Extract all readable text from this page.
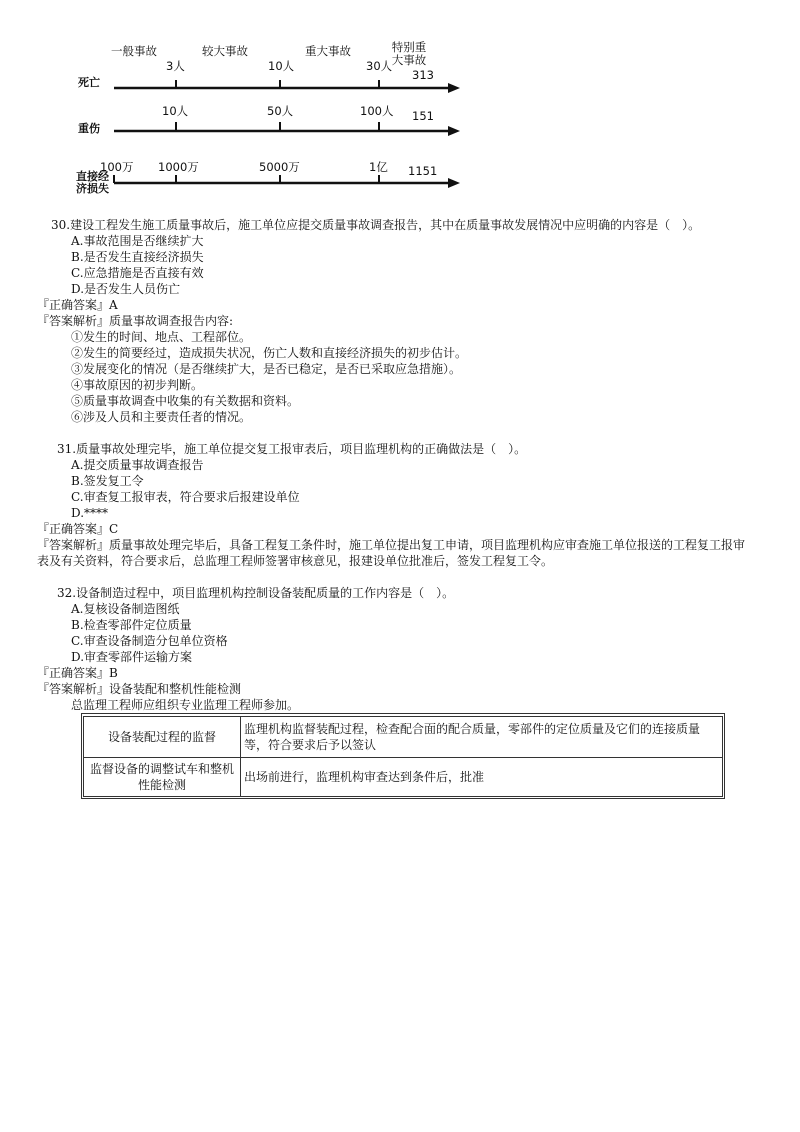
一般事故	较大事故	重大事故	特别重大事故
死亡
3人	10人	30人
313
重伤
10人	50人	100人 151
直接经济损失
100万 1000万	5000万	1亿 1151

30.建设工程发生施工质量事故后，施工单位应提交质量事故调查报告，其中在质量事故发展情况中应明确的内容是（　）。

A.事故范围是否继续扩大

B.是否发生直接经济损失

C.应急措施是否直接有效

D.是否发生人员伤亡

『正确答案』A

『答案解析』质量事故调查报告内容:

①发生的时间、地点、工程部位。

②发生的简要经过，造成损失状况，伤亡人数和直接经济损失的初步估计。

③发展变化的情况（是否继续扩大，是否已稳定，是否已采取应急措施）。

④事故原因的初步判断。

⑤质量事故调查中收集的有关数据和资料。

⑥涉及人员和主要责任者的情况。

31.质量事故处理完毕，施工单位提交复工报审表后，项目监理机构的正确做法是（　）。

A.提交质量事故调查报告

B.签发复工令

C.审查复工报审表，符合要求后报建设单位

D.****

『正确答案』C

『答案解析』质量事故处理完毕后，具备工程复工条件时，施工单位提出复工申请，项目监理机构应审查施工单位报送的工程复工报审表及有关资料，符合要求后，总监理工程师签署审核意见，报建设单位批准后，签发工程复工令。

32.设备制造过程中，项目监理机构控制设备装配质量的工作内容是（　）。

A.复核设备制造图纸

B.检查零部件定位质量

C.审查设备制造分包单位资格

D.审查零部件运输方案

『正确答案』B

『答案解析』设备装配和整机性能检测

总监理工程师应组织专业监理工程师参加。

设备装配过程的监督	监理机构监督装配过程，检查配合面的配合质量，零部件的定位质量及它们的连接质量等，符合要求后予以签认
监督设备的调整试车和整机性能检测	出场前进行，监理机构审查达到条件后，批准
